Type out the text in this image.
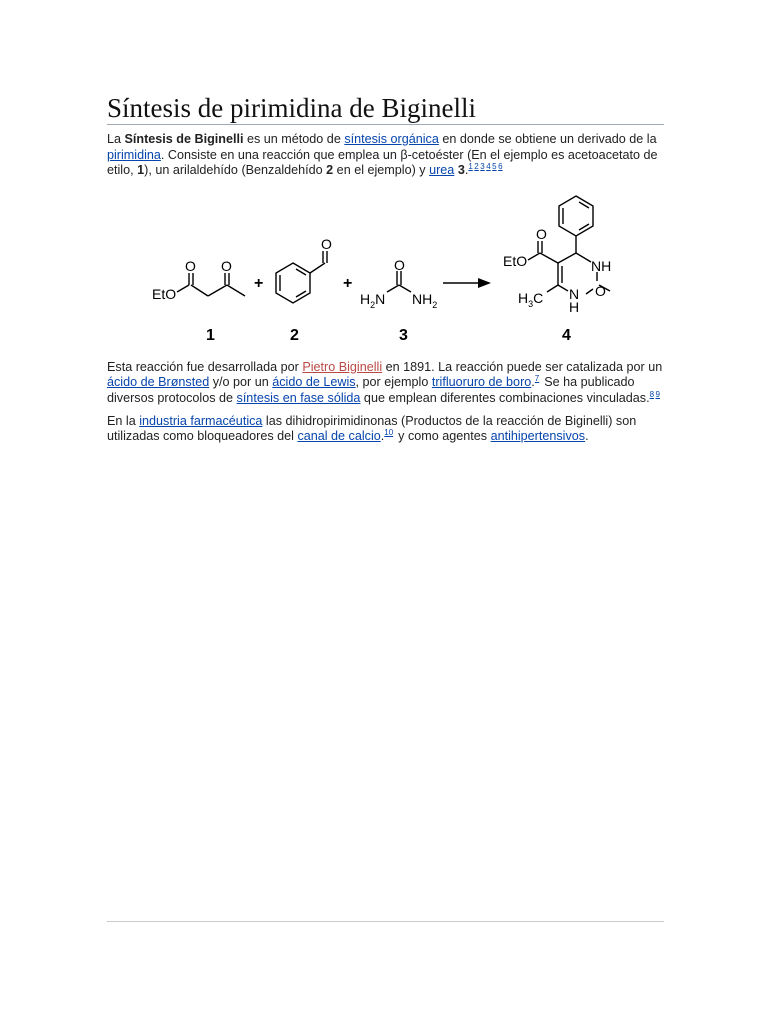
Síntesis de pirimidina de Biginelli

La Síntesis de Biginelli es un método de síntesis orgánica en donde se obtiene un derivado de la pirimidina. Consiste en una reacción que emplea un β-cetoéster (En el ejemplo es acetoacetato de etilo, 1), un arilaldehído (Benzaldehído 2 en el ejemplo) y urea 3.$^{1 2 3 4 5 6}$

EtO
O O
+
O
+
O
$H_2N$ $NH_2$
O
EtO	NH
O
N
H
$H_3C$
1	2	3	4

Esta reacción fue desarrollada por Pietro Biginelli en 1891. La reacción puede ser catalizada por un ácido de Brønsted y/o por un ácido de Lewis, por ejemplo trifluoruro de boro.$^7$ Se ha publicado diversos protocolos de síntesis en fase sólida que emplean diferentes combinaciones vinculadas.$^{8 9}$

En la industria farmacéutica las dihidropirimidinonas (Productos de la reacción de Biginelli) son utilizadas como bloqueadores del canal de calcio.$^{10}$ y como agentes antihipertensivos.
